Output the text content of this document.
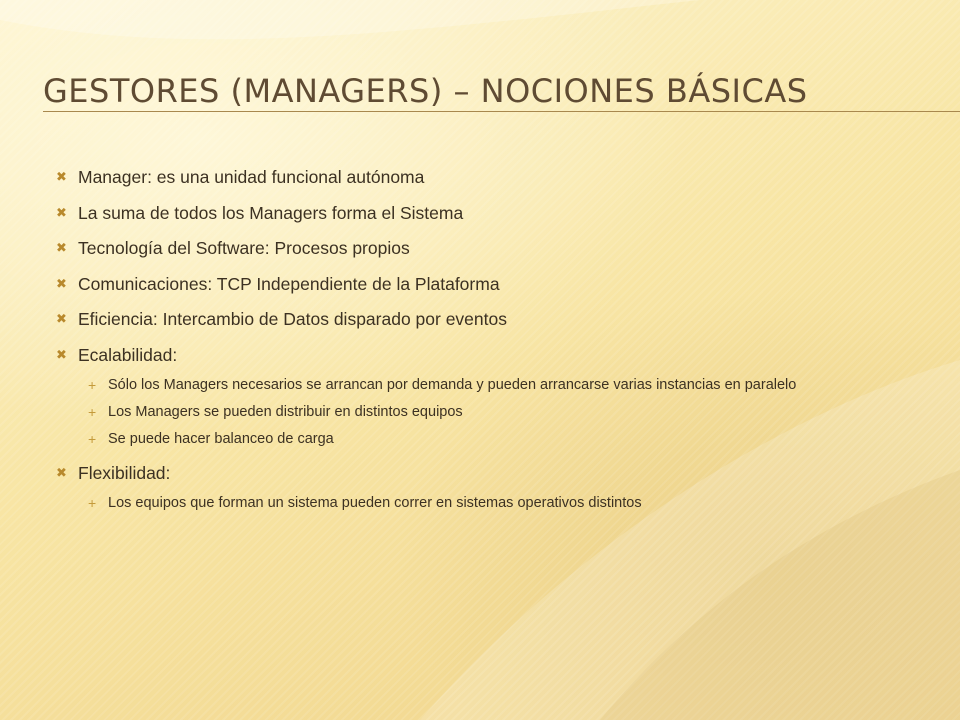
GESTORES (MANAGERS) – NOCIONES BÁSICAS
✖ Manager: es una unidad funcional autónoma
✖ La suma de todos los Managers forma el Sistema
✖ Tecnología del Software: Procesos propios
✖ Comunicaciones: TCP Independiente de la Plataforma
✖ Eficiencia: Intercambio de Datos disparado por eventos
✖ Ecalabilidad:
+ Sólo los Managers necesarios se arrancan por demanda y pueden arrancarse varias instancias en paralelo
+ Los Managers se pueden distribuir en distintos equipos
+ Se puede hacer balanceo de carga
✖ Flexibilidad:
+ Los equipos que forman un sistema pueden correr en sistemas operativos distintos
